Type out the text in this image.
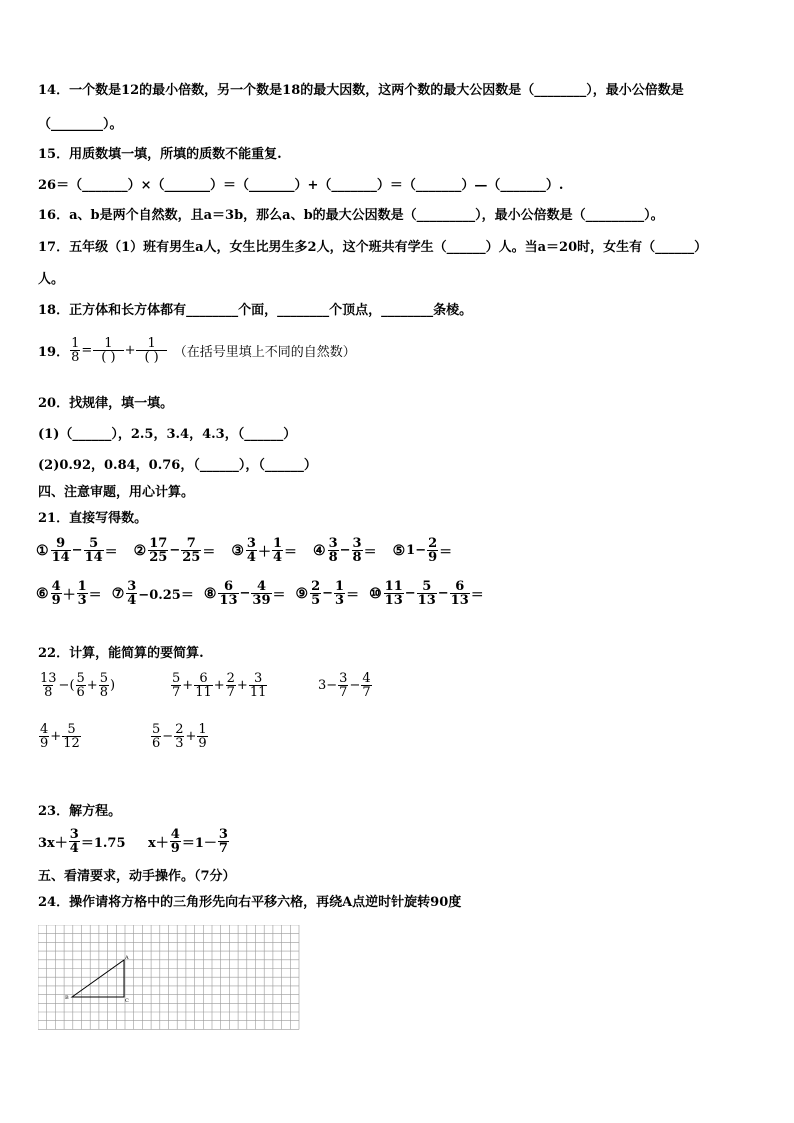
14．一个数是12的最小倍数，另一个数是18的最大因数，这两个数的最大公因数是（________），最小公倍数是
（________）。
15．用质数填一填，所填的质数不能重复.
26＝（_______）×（_______）＝（_______）+（_______）＝（_______）—（_______）.
16．a、b是两个自然数，且a＝3b，那么a、b的最大公因数是（_________），最小公倍数是（_________）。
17．五年级（1）班有男生a人，女生比男生多2人，这个班共有学生（______）人。当a＝20时，女生有（______）
人。
18．正方体和长方体都有________个面，________个顶点，________条棱。
19． $\frac{1}{8} = 1$
( ) + 1
( )	（在括号里填上不同的自然数）
20．找规律，填一填。
(1)（______），2.5，3.4，4.3，（______）
(2)0.92，0.84，0.76，（______），（______）
四、注意审题，用心计算。
21．直接写得数。
① 9
$14 - \frac{5}{14}$ ＝ ② 17
$25 - \frac{7}{25}$ ＝ ③ 3
4 ＋
1
4 ＝ ④ 3
$8 - \frac{3}{8}$ ＝ ⑤ $1- \frac{2}{9}$ ＝
⑥ 4
9 ＋
1
3 ＝ ⑦ 3
4 −0.25＝ ⑧ 6
$13 - \frac{4}{39}$ ＝ ⑨ 2
$5 - \frac{1}{3}$ ＝ ⑩ 11
$13 - \frac{5}{13} - \frac{6}{13}$ ＝
22．计算，能简算的要简算.
13
8 −( 5
$6 + \frac{5}{8}$ )	5
$7 + \frac{6}{11} + \frac{2}{7} + \frac{3}{11}$	$3- \frac{3}{7} - \frac{4}{7}$
4
$9 + \frac{5}{12}$	5
$6 - \frac{2}{3} + \frac{1}{9}$
23．解方程。
3x＋
3
4 ＝1.75 x＋
4
9 ＝1－
3
7
五、看清要求，动手操作。（7分）
24．操作请将方格中的三角形先向右平移六格，再绕A点逆时针旋转90度
A
B	C
